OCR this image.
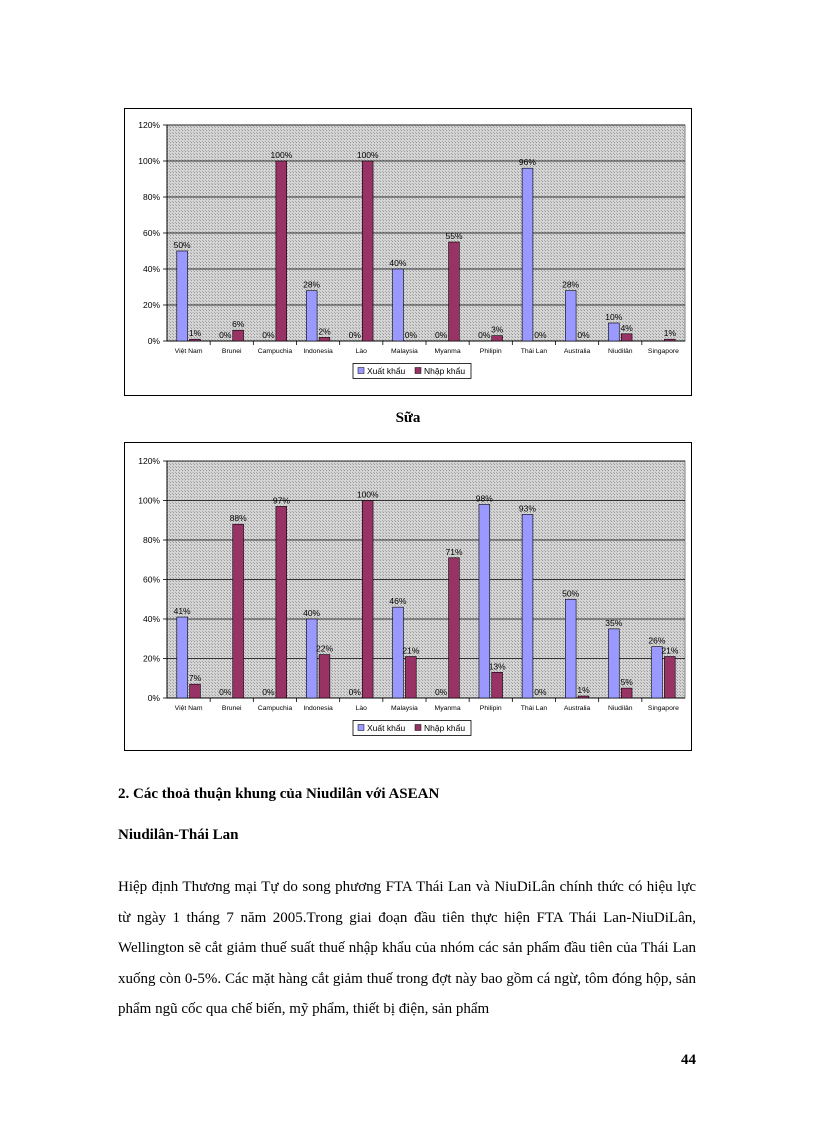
0%
20%
40%
60%
80%
100%
120%
Việt Nam
50%
1%
Brunei
0%
6%
Campuchia
0%
100%
Indonesia
28%
2%
Lào
0%
100%
Malaysia
40%
0%
Myanma
0%
55%
Philipin
0%
3%
Thái Lan
96%
0%
Australia
28%
0%
Niudilân
10%
4%
Singapore
1%
Xuất khẩu Nhập khẩu
Sữa
0%
20%
40%
60%
80%
100%
120%
Việt Nam
41%
7%
Brunei
0%
88%
Campuchia
0%
97%
Indonesia
40%
22%
Lào
0%
100%
Malaysia
46%
21%
Myanma
0%
71%
Philipin
98%
13%
Thái Lan
93%
0%
Australia
50%
1%
Niudilân
35%
5%
Singapore
26%
21%
Xuất khẩu Nhập khẩu
2. Các thoả thuận khung của Niudilân với ASEAN
Niudilân-Thái Lan
Hiệp định Thương mại Tự do song phương FTA Thái Lan và NiuDiLân chính thức có hiệu lực từ ngày 1 tháng 7 năm 2005.Trong giai đoạn đầu tiên thực hiện FTA Thái Lan-NiuDiLân, Wellington sẽ cắt giảm thuế suất thuế nhập khẩu của nhóm các sản phẩm đầu tiên của Thái Lan xuống còn 0-5%. Các mặt hàng cắt giảm thuế trong đợt này bao gồm cá ngừ, tôm đóng hộp, sản phẩm ngũ cốc qua chế biến, mỹ phẩm, thiết bị điện, sản phẩm
44
